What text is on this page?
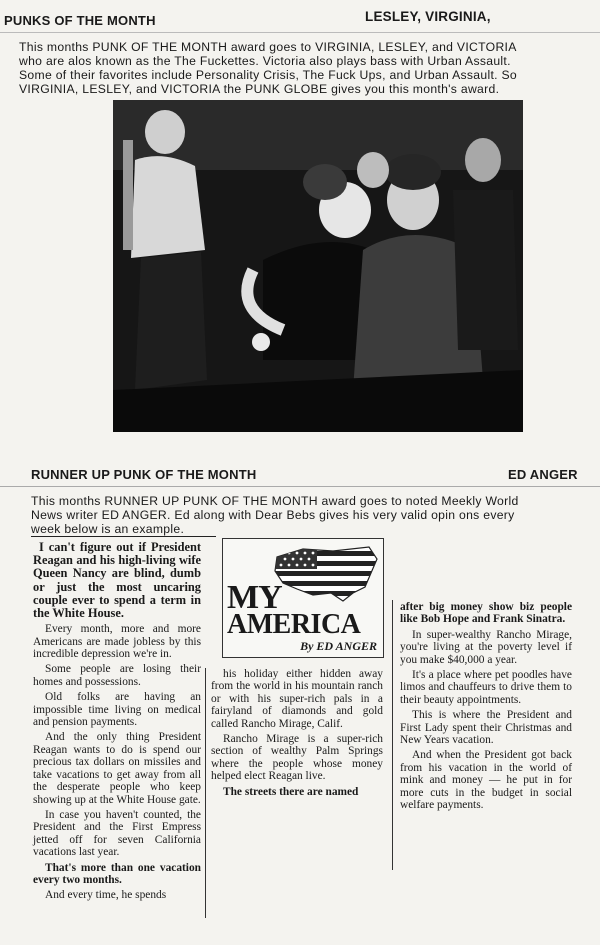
PUNKS OF THE MONTH	LESLEY, VIRGINIA,
This months PUNK OF THE MONTH award goes to VIRGINIA, LESLEY, and VICTORIA
who are alos known as the The Fuckettes. Victoria also plays bass with Urban Assault.
Some of their favorites include Personality Crisis, The Fuck Ups, and Urban Assault. So
VIRGINIA, LESLEY, and VICTORIA the PUNK GLOBE gives you this month's award.
RUNNER UP PUNK OF THE MONTH	ED ANGER
This months RUNNER UP PUNK OF THE MONTH award goes to noted Meekly World
News writer ED ANGER. Ed along with Dear Bebs gives his very valid opin ons every
week below is an example.

I can't figure out if President Reagan and his high-living wife Queen Nancy are blind, dumb or just the most uncaring couple ever to spend a term in the White House.

Every month, more and more Americans are made jobless by this incredible depression we're in.

Some people are losing their homes and possessions.

Old folks are having an impossible time living on medical and pension payments.

And the only thing President Reagan wants to do is spend our precious tax dollars on missiles and take vacations to get away from all the desperate people who keep showing up at the White House gate.

In case you haven't counted, the President and the First Empress jetted off for seven California vacations last year.

That's more than one vacation every two months.

And every time, he spends

MY
AMERICA
By ED ANGER

his holiday either hidden away from the world in his mountain ranch or with his super-rich pals in a fairyland of diamonds and gold called Rancho Mirage, Calif.

Rancho Mirage is a super-rich section of wealthy Palm Springs where the people whose money helped elect Reagan live.

The streets there are named

after big money show biz people like Bob Hope and Frank Sinatra.

In super-wealthy Rancho Mirage, you're living at the poverty level if you make $40,000 a year.

It's a place where pet poodles have limos and chauffeurs to drive them to their beauty appointments.

This is where the President and First Lady spent their Christmas and New Years vacation.

And when the President got back from his vacation in the world of mink and money — he put in for more cuts in the budget in social welfare payments.
